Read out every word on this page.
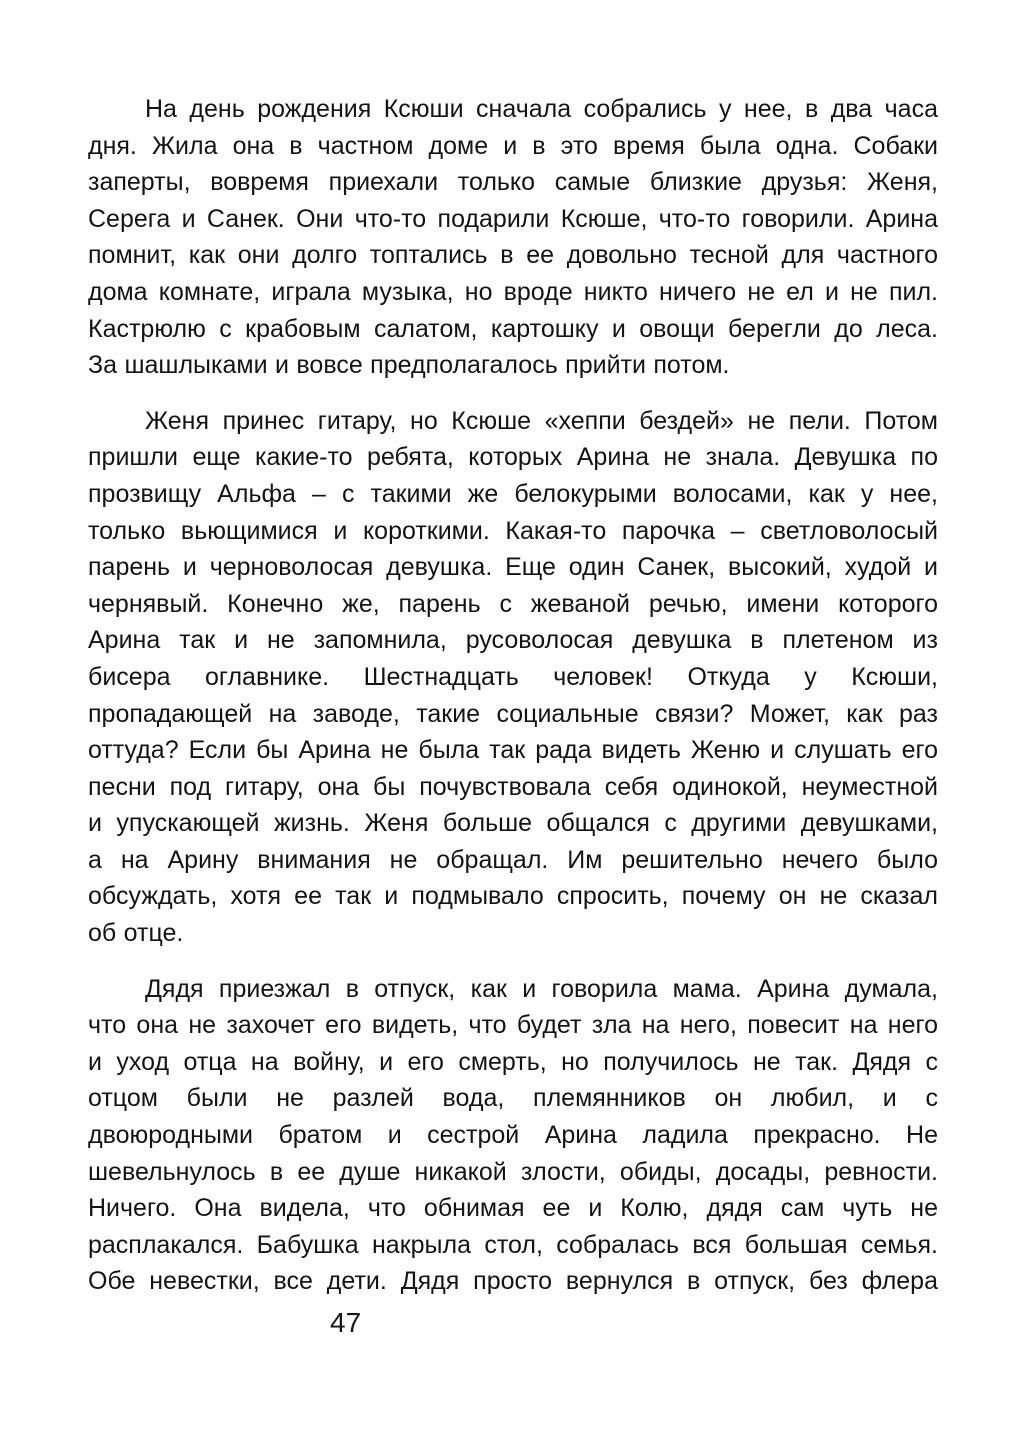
На день рождения Ксюши сначала собрались у нее, в два часа
дня. Жила она в частном доме и в это время была одна. Собаки
заперты, вовремя приехали только самые близкие друзья: Женя,
Серега и Санек. Они что-то подарили Ксюше, что-то говорили. Арина
помнит, как они долго топтались в ее довольно тесной для частного
дома комнате, играла музыка, но вроде никто ничего не ел и не пил.
Кастрюлю с крабовым салатом, картошку и овощи берегли до леса.
За шашлыками и вовсе предполагалось прийти потом.

Женя принес гитару, но Ксюше «хеппи бездей» не пели. Потом
пришли еще какие-то ребята, которых Арина не знала. Девушка по
прозвищу Альфа – с такими же белокурыми волосами, как у нее,
только вьющимися и короткими. Какая-то парочка – светловолосый
парень и черноволосая девушка. Еще один Санек, высокий, худой и
чернявый. Конечно же, парень с жеваной речью, имени которого
Арина так и не запомнила, русоволосая девушка в плетеном из
бисера оглавнике. Шестнадцать человек! Откуда у Ксюши,
пропадающей на заводе, такие социальные связи? Может, как раз
оттуда? Если бы Арина не была так рада видеть Женю и слушать его
песни под гитару, она бы почувствовала себя одинокой, неуместной
и упускающей жизнь. Женя больше общался с другими девушками,
а на Арину внимания не обращал. Им решительно нечего было
обсуждать, хотя ее так и подмывало спросить, почему он не сказал
об отце.

Дядя приезжал в отпуск, как и говорила мама. Арина думала,
что она не захочет его видеть, что будет зла на него, повесит на него
и уход отца на войну, и его смерть, но получилось не так. Дядя с
отцом были не разлей вода, племянников он любил, и с
двоюродными братом и сестрой Арина ладила прекрасно. Не
шевельнулось в ее душе никакой злости, обиды, досады, ревности.
Ничего. Она видела, что обнимая ее и Колю, дядя сам чуть не
расплакался. Бабушка накрыла стол, собралась вся большая семья.
Обе невестки, все дети. Дядя просто вернулся в отпуск, без флера

47
